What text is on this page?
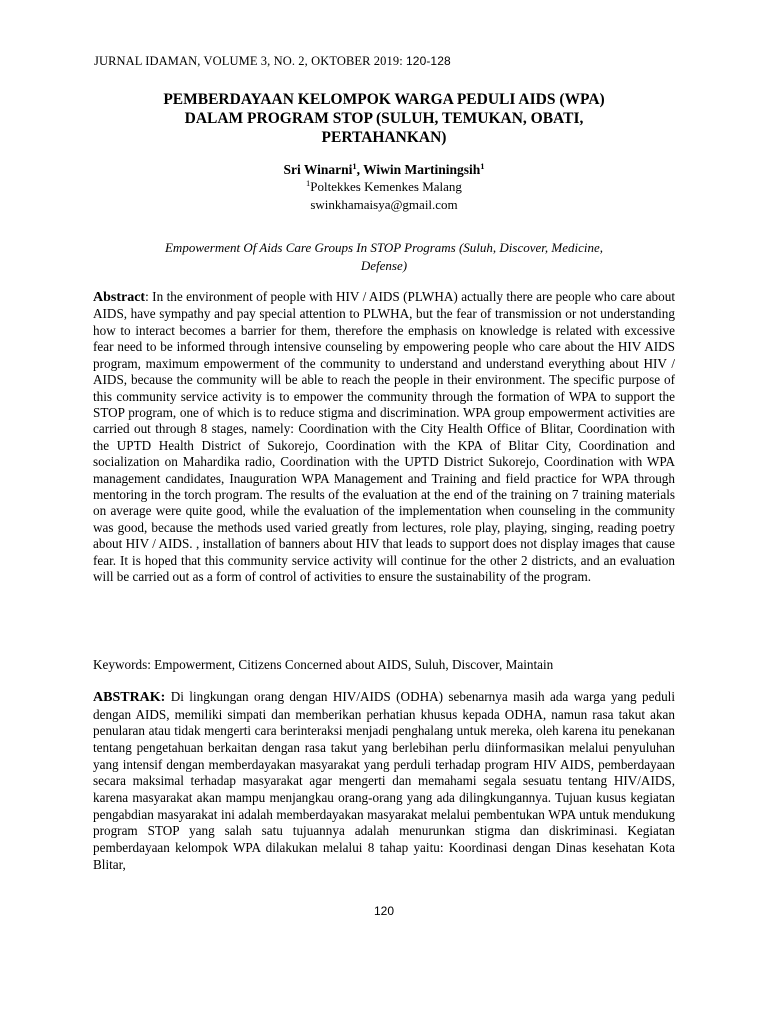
JURNAL IDAMAN, VOLUME 3, NO. 2, OKTOBER 2019: 120-128
PEMBERDAYAAN KELOMPOK WARGA PEDULI AIDS (WPA)
DALAM PROGRAM STOP (SULUH, TEMUKAN, OBATI,
PERTAHANKAN)
Sri Winarni$^1$, Wiwin Martiningsih$^1$
$^1$Poltekkes Kemenkes Malang
swinkhamaisya@gmail.com
Empowerment Of Aids Care Groups In STOP Programs (Suluh, Discover, Medicine,
Defense)
Abstract: In the environment of people with HIV / AIDS (PLWHA) actually there are people who care about AIDS, have sympathy and pay special attention to PLWHA, but the fear of transmission or not understanding how to interact becomes a barrier for them, therefore the emphasis on knowledge is related with excessive fear need to be informed through intensive counseling by empowering people who care about the HIV AIDS program, maximum empowerment of the community to understand and understand everything about HIV / AIDS, because the community will be able to reach the people in their environment. The specific purpose of this community service activity is to empower the community through the formation of WPA to support the STOP program, one of which is to reduce stigma and discrimination. WPA group empowerment activities are carried out through 8 stages, namely: Coordination with the City Health Office of Blitar, Coordination with the UPTD Health District of Sukorejo, Coordination with the KPA of Blitar City, Coordination and socialization on Mahardika radio, Coordination with the UPTD District Sukorejo, Coordination with WPA management candidates, Inauguration WPA Management and Training and field practice for WPA through mentoring in the torch program. The results of the evaluation at the end of the training on 7 training materials on average were quite good, while the evaluation of the implementation when counseling in the community was good, because the methods used varied greatly from lectures, role play, playing, singing, reading poetry about HIV / AIDS. , installation of banners about HIV that leads to support does not display images that cause fear. It is hoped that this community service activity will continue for the other 2 districts, and an evaluation will be carried out as a form of control of activities to ensure the sustainability of the program.
Keywords: Empowerment, Citizens Concerned about AIDS, Suluh, Discover, Maintain
ABSTRAK: Di lingkungan orang dengan HIV/AIDS (ODHA) sebenarnya masih ada warga yang peduli dengan AIDS, memiliki simpati dan memberikan perhatian khusus kepada ODHA, namun rasa takut akan penularan atau tidak mengerti cara berinteraksi menjadi penghalang untuk mereka, oleh karena itu penekanan tentang pengetahuan berkaitan dengan rasa takut yang berlebihan perlu diinformasikan melalui penyuluhan yang intensif dengan memberdayakan masyarakat yang perduli terhadap program HIV AIDS, pemberdayaan secara maksimal terhadap masyarakat agar mengerti dan memahami segala sesuatu tentang HIV/AIDS, karena masyarakat akan mampu menjangkau orang-orang yang ada dilingkungannya. Tujuan kusus kegiatan pengabdian masyarakat ini adalah memberdayakan masyarakat melalui pembentukan WPA untuk mendukung program STOP yang salah satu tujuannya adalah menurunkan stigma dan diskriminasi. Kegiatan pemberdayaan kelompok WPA dilakukan melalui 8 tahap yaitu: Koordinasi dengan Dinas kesehatan Kota Blitar,
120
